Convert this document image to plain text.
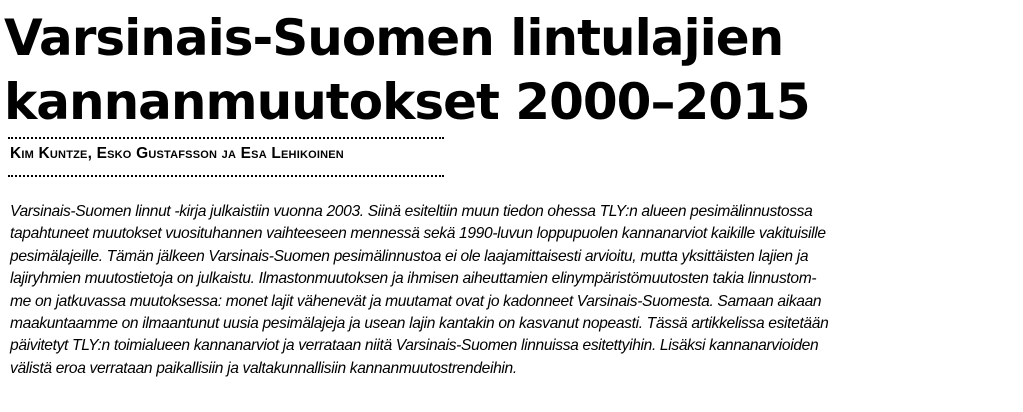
Varsinais-Suomen lintulajien
kannanmuutokset 2000–2015
Kim Kuntze, Esko Gustafsson ja Esa Lehikoinen

Varsinais-Suomen linnut -kirja julkaistiin vuonna 2003. Siinä esiteltiin muun tiedon ohessa TLY:n alueen pesimälinnustossa
tapahtuneet muutokset vuosituhannen vaihteeseen mennessä sekä 1990-luvun loppupuolen kannanarviot kaikille vakituisille
pesimälajeille. Tämän jälkeen Varsinais-Suomen pesimälinnustoa ei ole laajamittaisesti arvioitu, mutta yksittäisten lajien ja
lajiryhmien muutostietoja on julkaistu. Ilmastonmuutoksen ja ihmisen aiheuttamien elinympäristömuutosten takia linnustom-
me on jatkuvassa muutoksessa: monet lajit vähenevät ja muutamat ovat jo kadonneet Varsinais-Suomesta. Samaan aikaan
maakuntaamme on ilmaantunut uusia pesimälajeja ja usean lajin kantakin on kasvanut nopeasti. Tässä artikkelissa esitetään
päivitetyt TLY:n toimialueen kannanarviot ja verrataan niitä Varsinais-Suomen linnuissa esitettyihin. Lisäksi kannanarvioiden
välistä eroa verrataan paikallisiin ja valtakunnallisiin kannanmuutostrendeihin.
